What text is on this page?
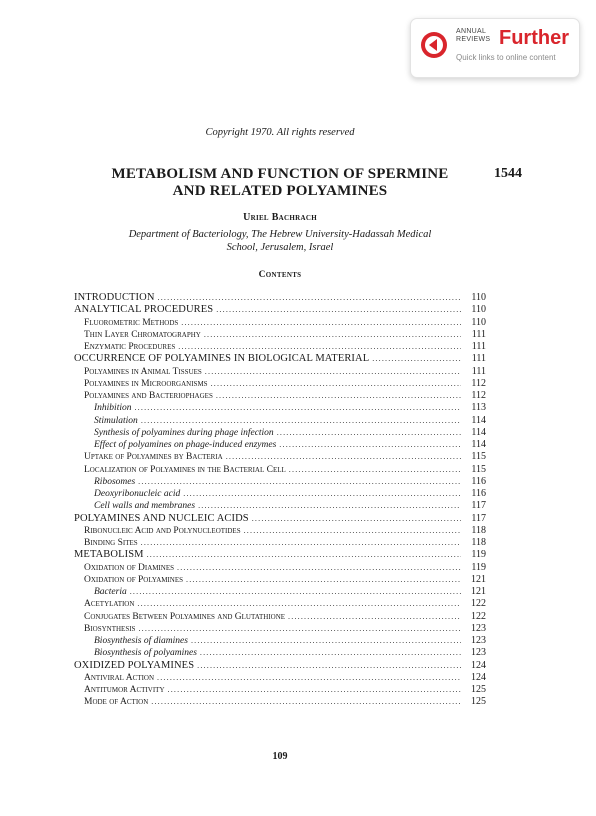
ANNUAL
REVIEWS Further
Quick links to online content
Copyright 1970. All rights reserved
METABOLISM AND FUNCTION OF SPERMINE
AND RELATED POLYAMINES
1544
Uriel Bachrach
Department of Bacteriology, The Hebrew University-Hadassah Medical
School, Jerusalem, Israel
Contents
INTRODUCTION .....	110
ANALYTICAL PROCEDURES .....	110
Fluorometric Methods .....	110
Thin Layer Chromatography .....	111
Enzymatic Procedures .....	111
OCCURRENCE OF POLYAMINES IN BIOLOGICAL MATERIAL .....	111
Polyamines in Animal Tissues .....	111
Polyamines in Microorganisms .....	112
Polyamines and Bacteriophages .....	112
Inhibition .....	113
Stimulation .....	114
Synthesis of polyamines during phage infection .....	114
Effect of polyamines on phage-induced enzymes .....	114
Uptake of Polyamines by Bacteria .....	115
Localization of Polyamines in the Bacterial Cell .....	115
Ribosomes .....	116
Deoxyribonucleic acid .....	116
Cell walls and membranes .....	117
POLYAMINES AND NUCLEIC ACIDS .....	117
Ribonucleic Acid and Polynucleotides .....	118
Binding Sites .....	118
METABOLISM .....	119
Oxidation of Diamines .....	119
Oxidation of Polyamines .....	121
Bacteria .....	121
Acetylation .....	122
Conjugates Between Polyamines and Glutathione .....	122
Biosynthesis .....	123
Biosynthesis of diamines .....	123
Biosynthesis of polyamines .....	123
OXIDIZED POLYAMINES .....	124
Antiviral Action .....	124
Antitumor Activity .....	125
Mode of Action .....	125
109
